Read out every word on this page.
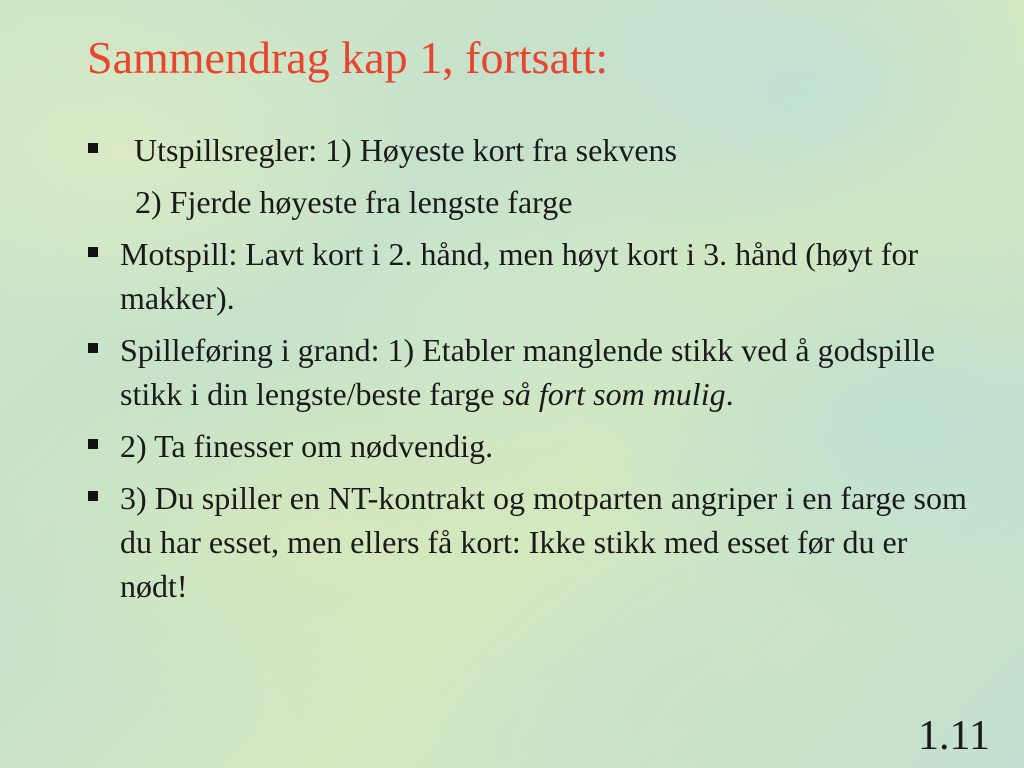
Sammendrag kap 1, fortsatt:
Utspillsregler: 1) Høyeste kort fra sekvens
2) Fjerde høyeste fra lengste farge
Motspill: Lavt kort i 2. hånd, men høyt kort i 3. hånd (høyt for makker).
Spilleføring i grand: 1) Etabler manglende stikk ved å godspille stikk i din lengste/beste farge så fort som mulig.
2) Ta finesser om nødvendig.
3) Du spiller en NT-kontrakt og motparten angriper i en farge som du har esset, men ellers få kort: Ikke stikk med esset før du er nødt!
1.11
